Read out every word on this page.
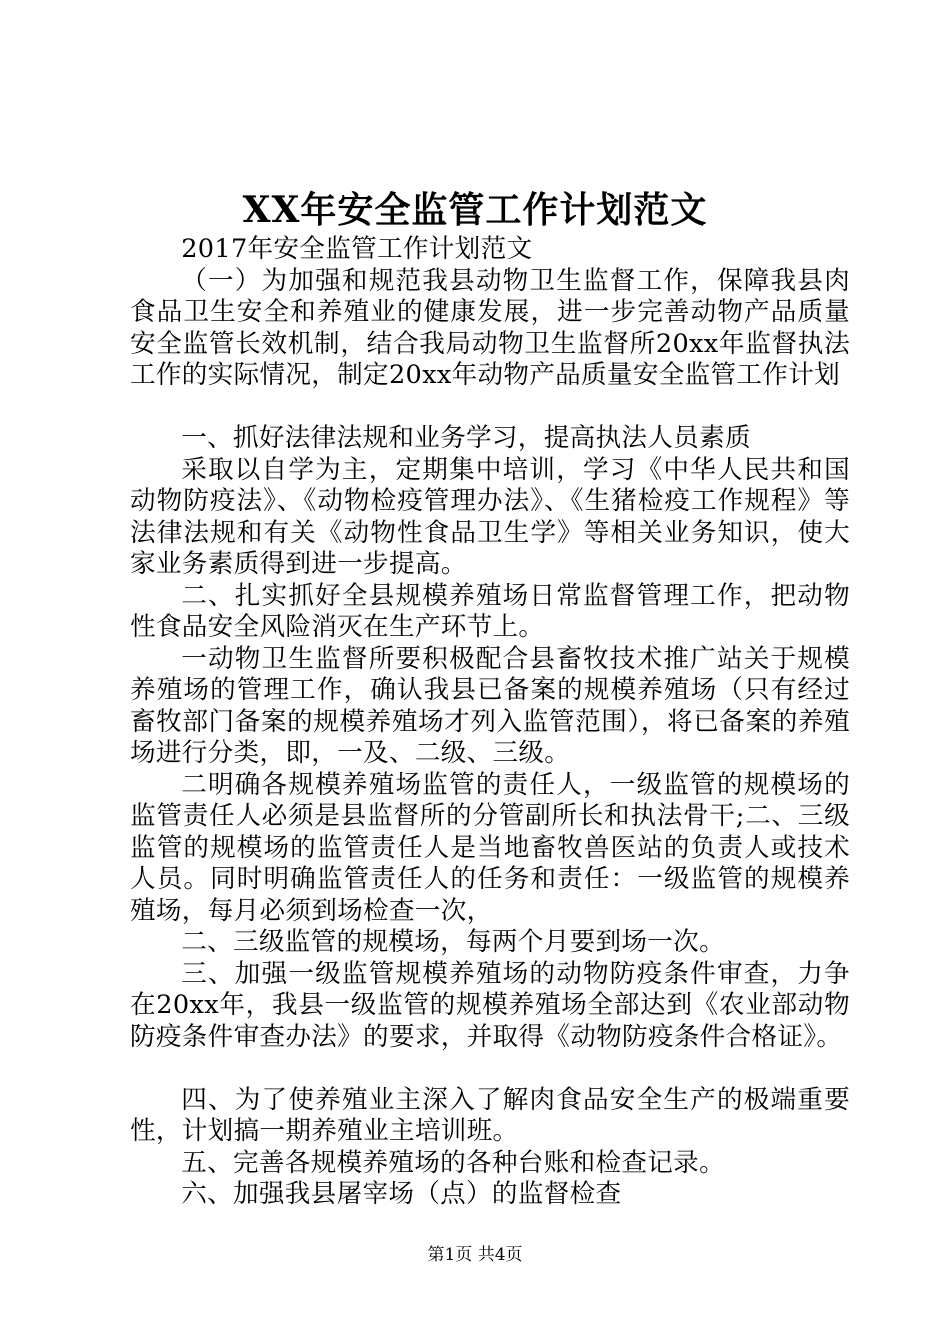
XX年安全监管工作计划范文

2017年安全监管工作计划范文

（一）为加强和规范我县动物卫生监督工作，保障我县肉食品卫生安全和养殖业的健康发展，进一步完善动物产品质量安全监管长效机制，结合我局动物卫生监督所20xx年监督执法工作的实际情况，制定20xx年动物产品质量安全监管工作计划

一、抓好法律法规和业务学习，提高执法人员素质

采取以自学为主，定期集中培训，学习《中华人民共和国动物防疫法》、《动物检疫管理办法》、《生猪检疫工作规程》等法律法规和有关《动物性食品卫生学》等相关业务知识，使大家业务素质得到进一步提高。

二、扎实抓好全县规模养殖场日常监督管理工作，把动物性食品安全风险消灭在生产环节上。

一动物卫生监督所要积极配合县畜牧技术推广站关于规模养殖场的管理工作，确认我县已备案的规模养殖场（只有经过畜牧部门备案的规模养殖场才列入监管范围），将已备案的养殖场进行分类，即，一及、二级、三级。

二明确各规模养殖场监管的责任人，一级监管的规模场的监管责任人必须是县监督所的分管副所长和执法骨干;二、三级监管的规模场的监管责任人是当地畜牧兽医站的负责人或技术人员。同时明确监管责任人的任务和责任：一级监管的规模养殖场，每月必须到场检查一次，

二、三级监管的规模场，每两个月要到场一次。

三、加强一级监管规模养殖场的动物防疫条件审查，力争在20xx年，我县一级监管的规模养殖场全部达到《农业部动物防疫条件审查办法》的要求，并取得《动物防疫条件合格证》。

四、为了使养殖业主深入了解肉食品安全生产的极端重要性，计划搞一期养殖业主培训班。

五、完善各规模养殖场的各种台账和检查记录。

六、加强我县屠宰场（点）的监督检查

第1页 共4页
